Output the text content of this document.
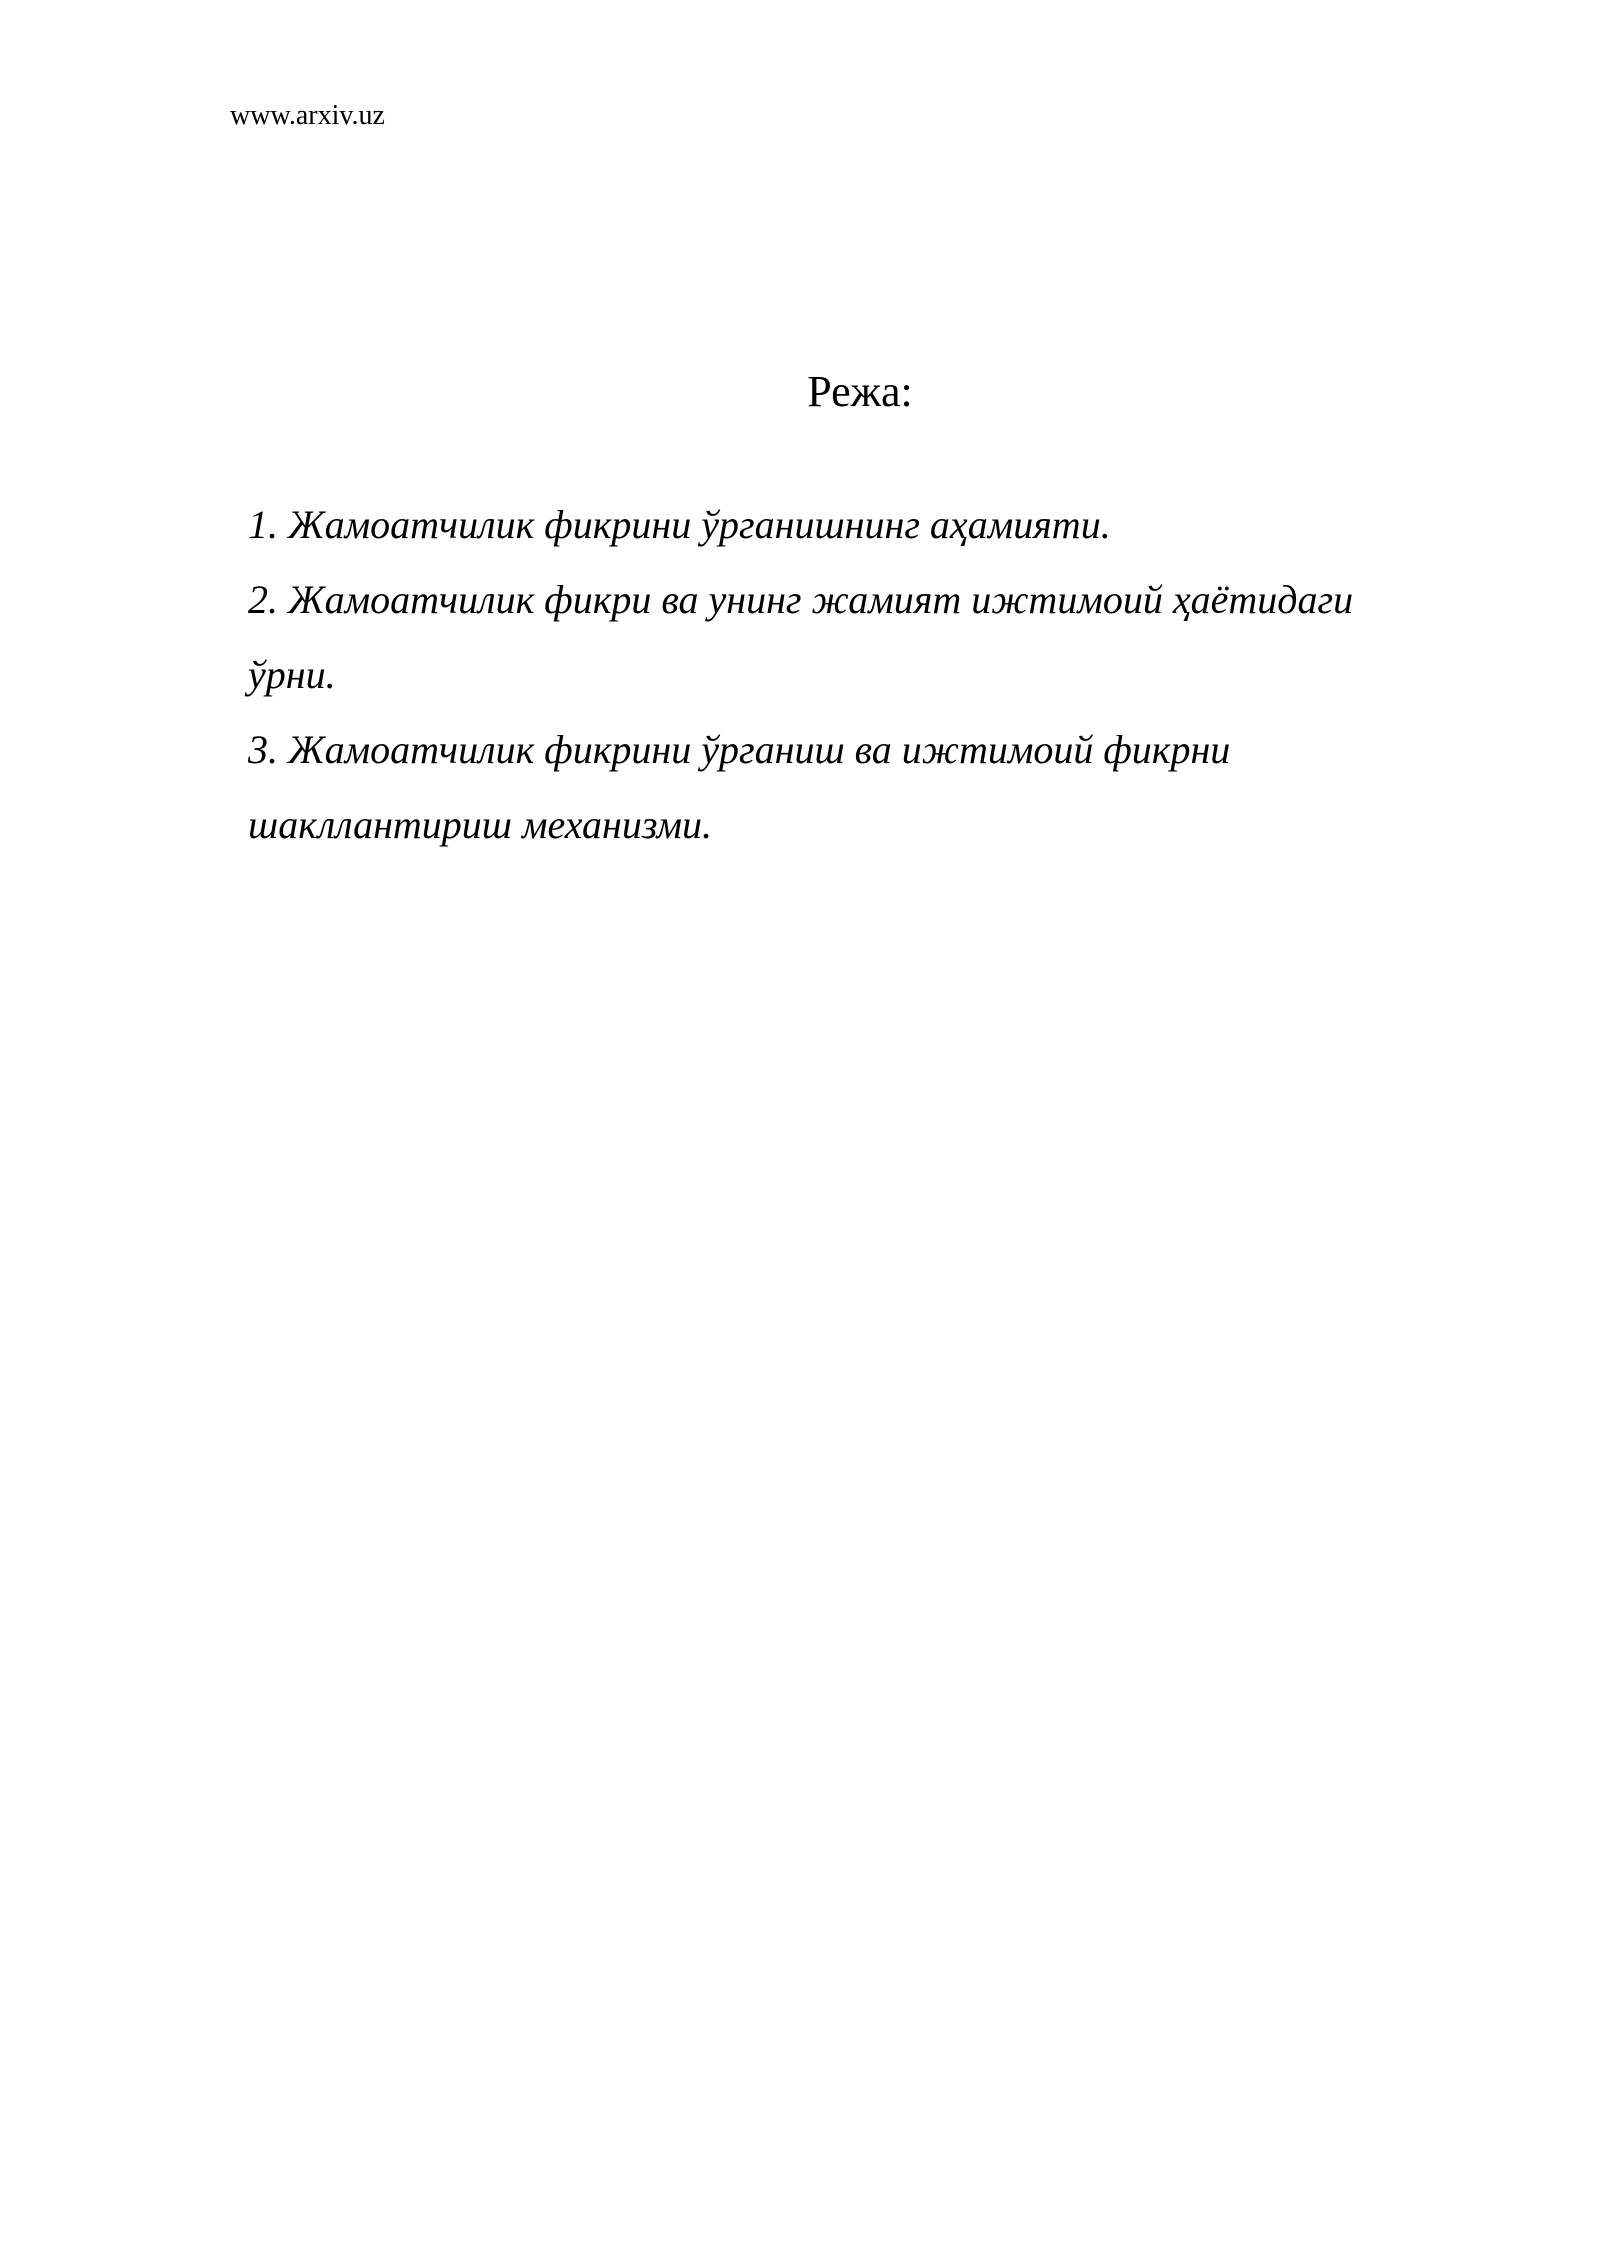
www.arxiv.uz
Режа:
1. Жамоатчилик фикрини ўрганишнинг аҳамияти.
2. Жамоатчилик фикри ва унинг жамият ижтимоий ҳаётидаги
ўрни.
3. Жамоатчилик фикрини ўрганиш ва ижтимоий фикрни
шакллантириш механизми.
